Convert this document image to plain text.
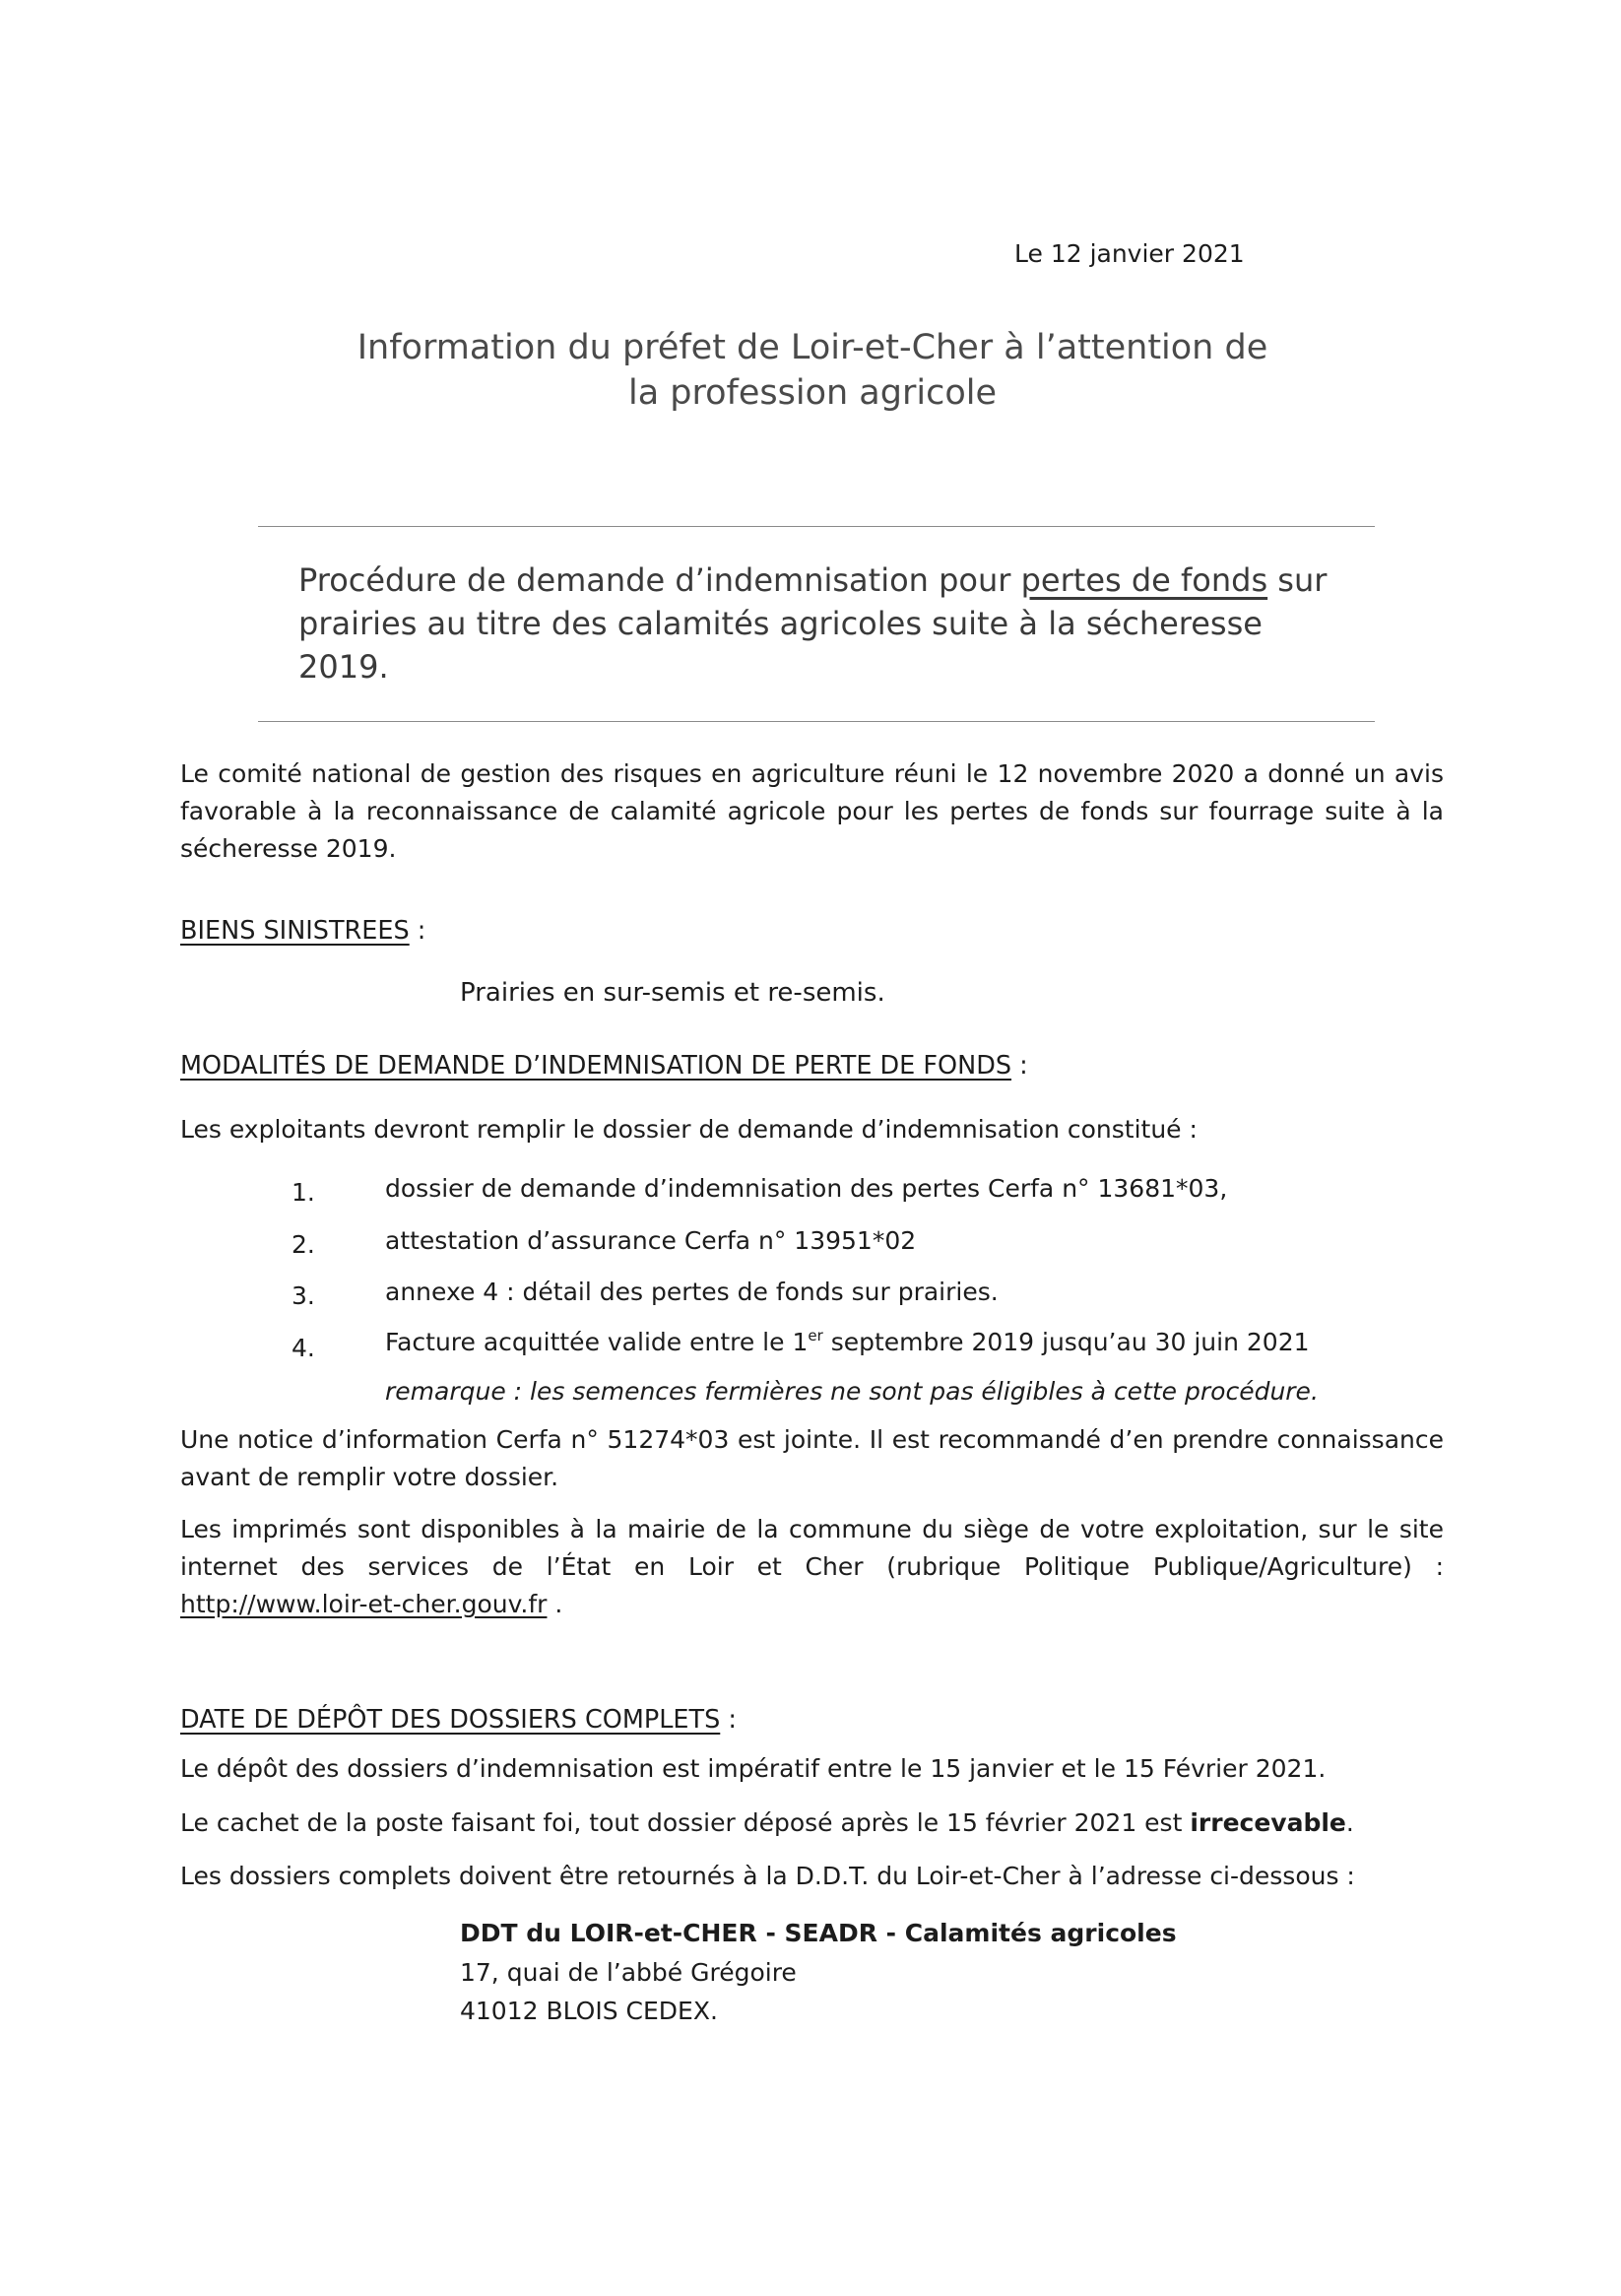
Le 12 janvier 2021

Information du préfet de Loir-et-Cher à l’attention de
la profession agricole

Procédure de demande d’indemnisation pour pertes de fonds sur prairies au titre des calamités agricoles suite à la sécheresse 2019.

Le comité national de gestion des risques en agriculture réuni le 12 novembre 2020 a donné un avis favorable à la reconnaissance de calamité agricole pour les pertes de fonds sur fourrage suite à la sécheresse 2019.

BIENS SINISTREES :

Prairies en sur-semis et re-semis.

MODALITÉS DE DEMANDE D’INDEMNISATION DE PERTE DE FONDS :

Les exploitants devront remplir le dossier de demande d’indemnisation constitué :

1.	dossier de demande d’indemnisation des pertes Cerfa n° 13681*03,
2.	attestation d’assurance Cerfa n° 13951*02
3.	annexe 4 : détail des pertes de fonds sur prairies.
4.	Facture acquittée valide entre le 1er septembre 2019 jusqu’au 30 juin 2021

remarque : les semences fermières ne sont pas éligibles à cette procédure.

Une notice d’information Cerfa n° 51274*03 est jointe. Il est recommandé d’en prendre connaissance avant de remplir votre dossier.

Les imprimés sont disponibles à la mairie de la commune du siège de votre exploitation, sur le site internet des services de l’État en Loir et Cher (rubrique Politique Publique/Agriculture) : http://www.loir-et-cher.gouv.fr .

DATE DE DÉPÔT DES DOSSIERS COMPLETS :

Le dépôt des dossiers d’indemnisation est impératif entre le 15 janvier et le 15 Février 2021.

Le cachet de la poste faisant foi, tout dossier déposé après le 15 février 2021 est irrecevable.

Les dossiers complets doivent être retournés à la D.D.T. du Loir-et-Cher à l’adresse ci-dessous :

DDT du LOIR-et-CHER - SEADR - Calamités agricoles

17, quai de l’abbé Grégoire

41012 BLOIS CEDEX.
